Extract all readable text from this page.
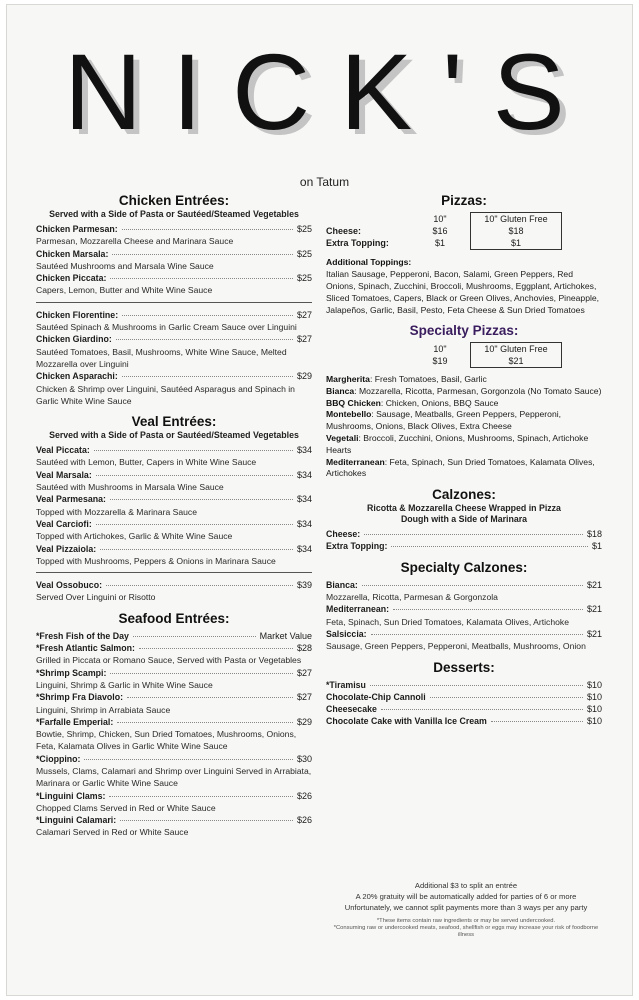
NICK'S
on Tatum
Chicken Entrées:
Served with a Side of Pasta or Sautéed/Steamed Vegetables
Chicken Parmesan:	$25
Parmesan, Mozzarella Cheese and Marinara Sauce
Chicken Marsala:	$25
Sautéed Mushrooms and Marsala Wine Sauce
Chicken Piccata:	$25
Capers, Lemon, Butter and White Wine Sauce
Chicken Florentine:	$27
Sautéed Spinach & Mushrooms in Garlic Cream Sauce over Linguini
Chicken Giardino:	$27
Sautéed Tomatoes, Basil, Mushrooms, White Wine Sauce, Melted Mozzarella over Linguini
Chicken Asparachi:	$29
Chicken & Shrimp over Linguini, Sautéed Asparagus and Spinach in Garlic White Wine Sauce
Veal Entrées:
Served with a Side of Pasta or Sautéed/Steamed Vegetables
Veal Piccata:	$34
Sautéed with Lemon, Butter, Capers in White Wine Sauce
Veal Marsala:	$34
Sautéed with Mushrooms in Marsala Wine Sauce
Veal Parmesana:	$34
Topped with Mozzarella & Marinara Sauce
Veal Carciofi:	$34
Topped with Artichokes, Garlic & White Wine Sauce
Veal Pizzaiola:	$34
Topped with Mushrooms, Peppers & Onions in Marinara Sauce
Veal Ossobuco:	$39
Served Over Linguini or Risotto
Seafood Entrées:
*Fresh Fish of the Day	Market Value
*Fresh Atlantic Salmon:	$28
Grilled in Piccata or Romano Sauce, Served with Pasta or Vegetables
*Shrimp Scampi:	$27
Linguini, Shrimp & Garlic in White Wine Sauce
*Shrimp Fra Diavolo:	$27
Linguini, Shrimp in Arrabiata Sauce
*Farfalle Emperial:	$29
Bowtie, Shrimp, Chicken, Sun Dried Tomatoes, Mushrooms, Onions, Feta, Kalamata Olives in Garlic White Wine Sauce
*Cioppino:	$30
Mussels, Clams, Calamari and Shrimp over Linguini Served in Arrabiata, Marinara or Garlic White Wine Sauce
*Linguini Clams:	$26
Chopped Clams Served in Red or White Sauce
*Linguini Calamari:	$26
Calamari Served in Red or White Sauce
Pizzas:
	10"	10" Gluten Free
Cheese:	$16	$18
Extra Topping:	$1	$1
Additional Toppings:
Italian Sausage, Pepperoni, Bacon, Salami, Green Peppers, Red Onions, Spinach, Zucchini, Broccoli, Mushrooms, Eggplant, Artichokes, Sliced Tomatoes, Capers, Black or Green Olives, Anchovies, Pineapple, Jalapeños, Garlic, Basil, Pesto, Feta Cheese & Sun Dried Tomatoes
Specialty Pizzas:
	10"	10" Gluten Free
	$19	$21
Margherita: Fresh Tomatoes, Basil, Garlic
Bianca: Mozzarella, Ricotta, Parmesan, Gorgonzola (No Tomato Sauce)
BBQ Chicken: Chicken, Onions, BBQ Sauce
Montebello: Sausage, Meatballs, Green Peppers, Pepperoni, Mushrooms, Onions, Black Olives, Extra Cheese
Vegetali: Broccoli, Zucchini, Onions, Mushrooms, Spinach, Artichoke Hearts
Mediterranean: Feta, Spinach, Sun Dried Tomatoes, Kalamata Olives, Artichokes
Calzones:
Ricotta & Mozzarella Cheese Wrapped in Pizza Dough with a Side of Marinara
Cheese:	$18
Extra Topping:	$1
Specialty Calzones:
Bianca:	$21
Mozzarella, Ricotta, Parmesan & Gorgonzola
Mediterranean:	$21
Feta, Spinach, Sun Dried Tomatoes, Kalamata Olives, Artichoke
Salsiccia:	$21
Sausage, Green Peppers, Pepperoni, Meatballs, Mushrooms, Onion
Desserts:
*Tiramisu	$10
Chocolate-Chip Cannoli	$10
Cheesecake	$10
Chocolate Cake with Vanilla Ice Cream	$10
Additional $3 to split an entrée
A 20% gratuity will be automatically added for parties of 6 or more
Unfortunately, we cannot split payments more than 3 ways per any party
*These items contain raw ingredients or may be served undercooked.
*Consuming raw or undercooked meats, seafood, shellfish or eggs may increase your risk of foodborne illness
